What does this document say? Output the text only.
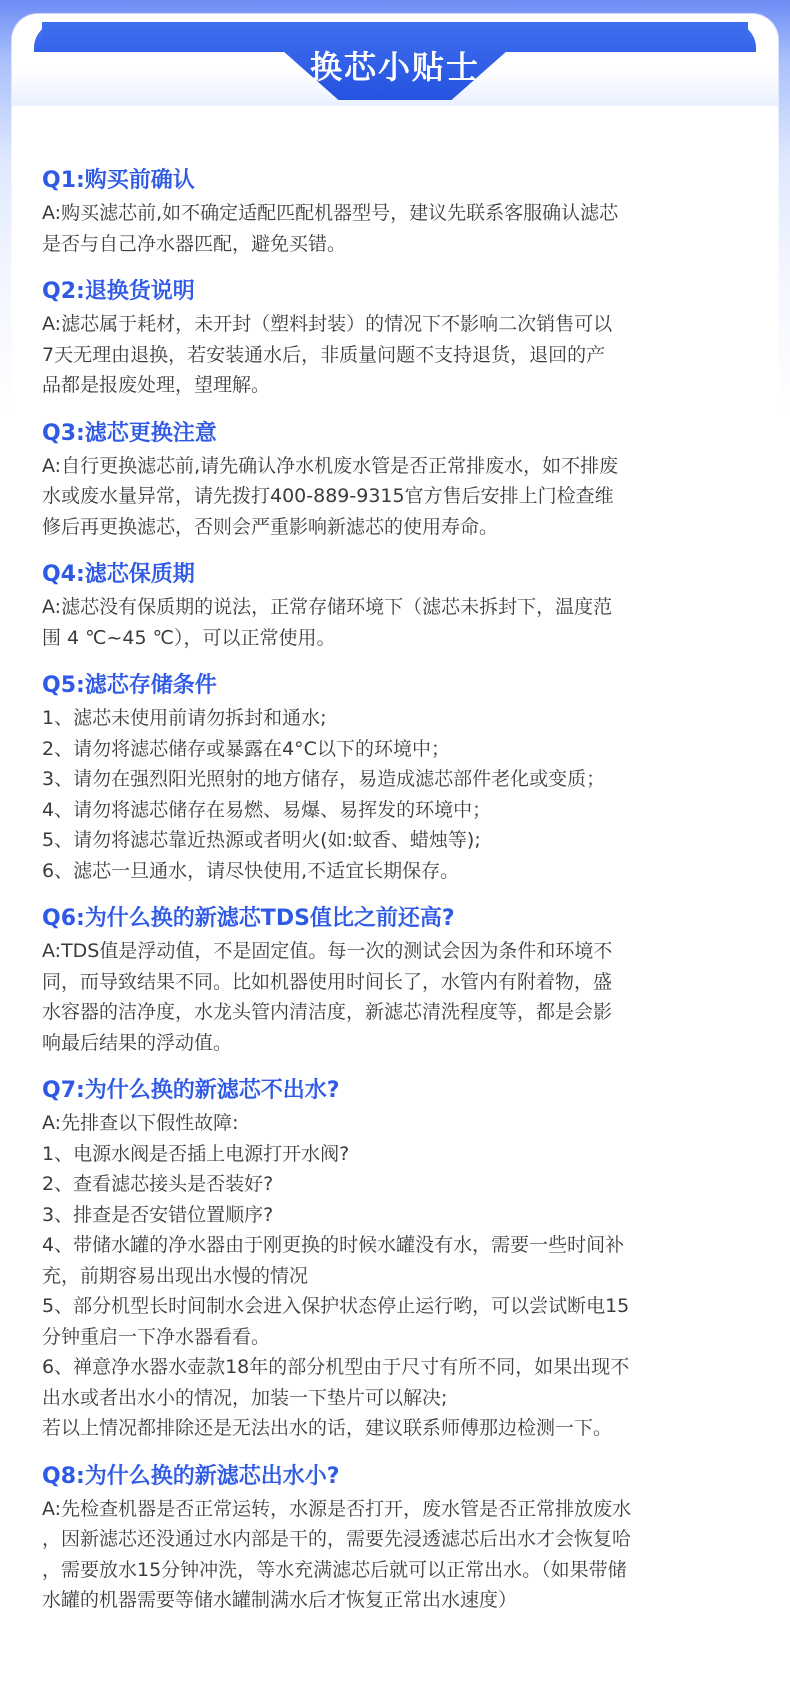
换芯小贴士
Q1:购买前确认
A:购买滤芯前,如不确定适配匹配机器型号，建议先联系客服确认滤芯
是否与自己净水器匹配，避免买错。
Q2:退换货说明
A:滤芯属于耗材，未开封（塑料封装）的情况下不影响二次销售可以
7天无理由退换，若安装通水后，非质量问题不支持退货，退回的产
品都是报废处理，望理解。
Q3:滤芯更换注意
A:自行更换滤芯前,请先确认净水机废水管是否正常排废水，如不排废
水或废水量异常，请先拨打400-889-9315官方售后安排上门检查维
修后再更换滤芯，否则会严重影响新滤芯的使用寿命。
Q4:滤芯保质期
A:滤芯没有保质期的说法，正常存储环境下（滤芯未拆封下，温度范
围 4 ℃~45 ℃），可以正常使用。
Q5:滤芯存储条件
1、滤芯未使用前请勿拆封和通水;
2、请勿将滤芯储存或暴露在4°C以下的环境中；
3、请勿在强烈阳光照射的地方储存，易造成滤芯部件老化或变质；
4、请勿将滤芯储存在易燃、易爆、易挥发的环境中；
5、请勿将滤芯靠近热源或者明火(如:蚊香、蜡烛等);
6、滤芯一旦通水，请尽快使用,不适宜长期保存。
Q6:为什么换的新滤芯TDS值比之前还高?
A:TDS值是浮动值，不是固定值。每一次的测试会因为条件和环境不
同，而导致结果不同。比如机器使用时间长了，水管内有附着物，盛
水容器的洁净度，水龙头管内清洁度，新滤芯清洗程度等，都是会影
响最后结果的浮动值。
Q7:为什么换的新滤芯不出水?
A:先排查以下假性故障:
1、电源水阀是否插上电源打开水阀?
2、查看滤芯接头是否装好?
3、排查是否安错位置顺序?
4、带储水罐的净水器由于刚更换的时候水罐没有水，需要一些时间补
充，前期容易出现出水慢的情况
5、部分机型长时间制水会进入保护状态停止运行哟，可以尝试断电15
分钟重启一下净水器看看。
6、禅意净水器水壶款18年的部分机型由于尺寸有所不同，如果出现不
出水或者出水小的情况，加装一下垫片可以解决;
若以上情况都排除还是无法出水的话，建议联系师傅那边检测一下。
Q8:为什么换的新滤芯出水小?
A:先检查机器是否正常运转，水源是否打开，废水管是否正常排放废水
，因新滤芯还没通过水内部是干的，需要先浸透滤芯后出水才会恢复哈
，需要放水15分钟冲洗，等水充满滤芯后就可以正常出水。（如果带储
水罐的机器需要等储水罐制满水后才恢复正常出水速度）
